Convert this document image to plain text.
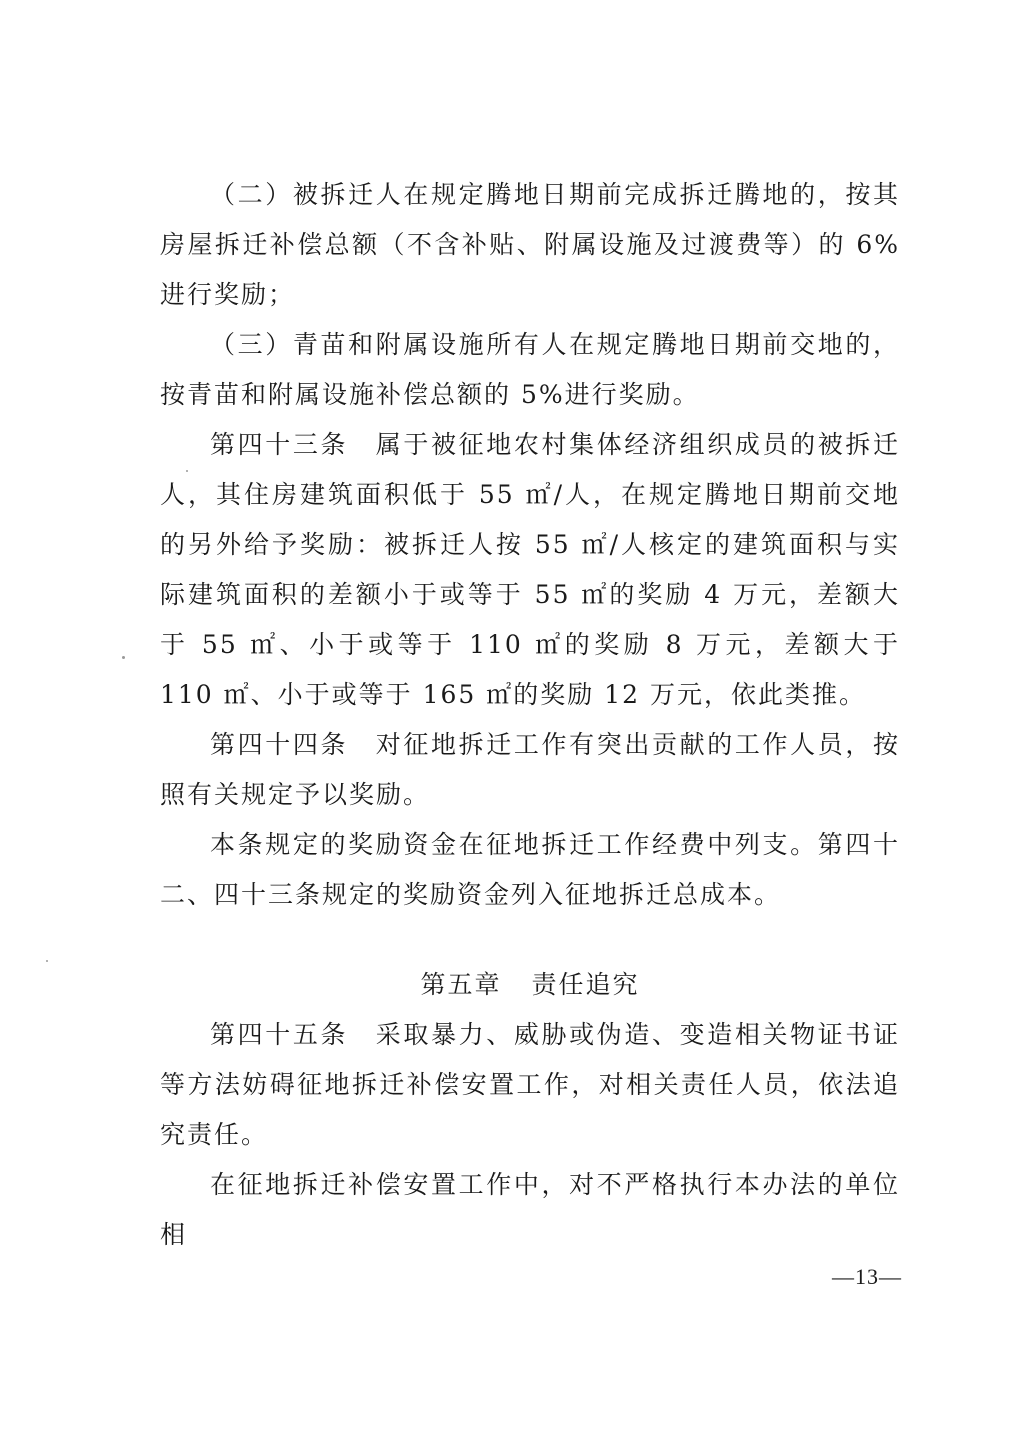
（二）被拆迁人在规定腾地日期前完成拆迁腾地的，按其房屋拆迁补偿总额（不含补贴、附属设施及过渡费等）的 6%进行奖励；

（三）青苗和附属设施所有人在规定腾地日期前交地的，按青苗和附属设施补偿总额的 5%进行奖励。

第四十三条　属于被征地农村集体经济组织成员的被拆迁人，其住房建筑面积低于 55 ㎡/人，在规定腾地日期前交地的另外给予奖励：被拆迁人按 55 ㎡/人核定的建筑面积与实际建筑面积的差额小于或等于 55 ㎡的奖励 4 万元，差额大于 55 ㎡、小于或等于 110 ㎡的奖励 8 万元，差额大于 110 ㎡、小于或等于 165 ㎡的奖励 12 万元，依此类推。

第四十四条　对征地拆迁工作有突出贡献的工作人员，按照有关规定予以奖励。

本条规定的奖励资金在征地拆迁工作经费中列支。第四十二、四十三条规定的奖励资金列入征地拆迁总成本。

第五章 责任追究

第四十五条　采取暴力、威胁或伪造、变造相关物证书证等方法妨碍征地拆迁补偿安置工作，对相关责任人员，依法追究责任。

在征地拆迁补偿安置工作中，对不严格执行本办法的单位相

—13—
